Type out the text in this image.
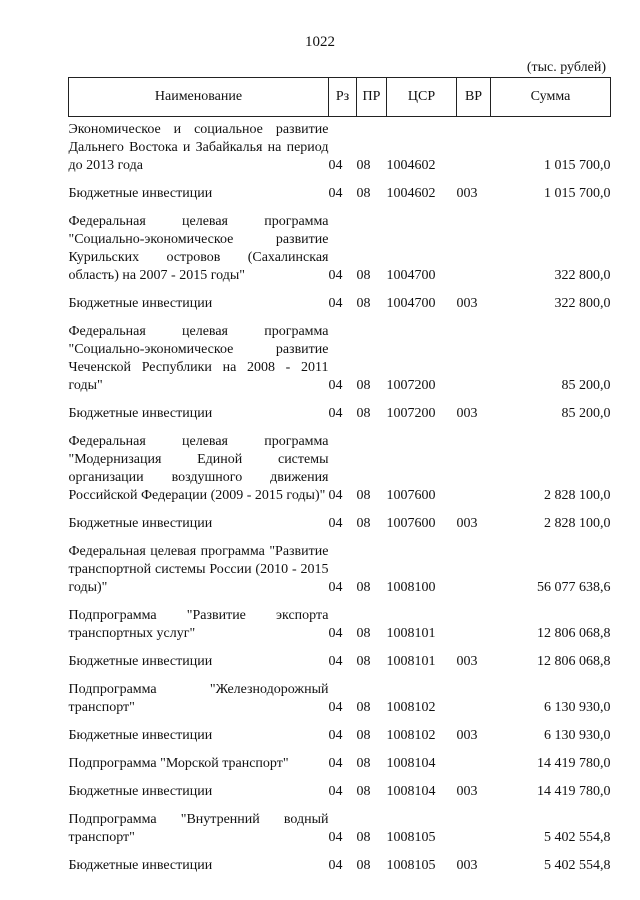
1022
(тыс. рублей)
Наименование	Рз	ПР	ЦСР	ВР	Сумма
Экономическое и социальное развитие Дальнего Востока и Забайкалья на период до 2013 года	04	08	1004602		1 015 700,0
Бюджетные инвестиции	04	08	1004602	003	1 015 700,0
Федеральная целевая программа "Социально-экономическое развитие Курильских островов (Сахалинская область) на 2007 - 2015 годы"	04	08	1004700		322 800,0
Бюджетные инвестиции	04	08	1004700	003	322 800,0
Федеральная целевая программа "Социально-экономическое развитие Чеченской Республики на 2008 - 2011 годы"	04	08	1007200		85 200,0
Бюджетные инвестиции	04	08	1007200	003	85 200,0
Федеральная целевая программа "Модернизация Единой системы организации воздушного движения Российской Федерации (2009 - 2015 годы)"	04	08	1007600		2 828 100,0
Бюджетные инвестиции	04	08	1007600	003	2 828 100,0
Федеральная целевая программа "Развитие транспортной системы России (2010 - 2015 годы)"	04	08	1008100		56 077 638,6
Подпрограмма "Развитие экспорта транспортных услуг"	04	08	1008101		12 806 068,8
Бюджетные инвестиции	04	08	1008101	003	12 806 068,8
Подпрограмма "Железнодорожный транспорт"	04	08	1008102		6 130 930,0
Бюджетные инвестиции	04	08	1008102	003	6 130 930,0
Подпрограмма "Морской транспорт"	04	08	1008104		14 419 780,0
Бюджетные инвестиции	04	08	1008104	003	14 419 780,0
Подпрограмма "Внутренний водный транспорт"	04	08	1008105		5 402 554,8
Бюджетные инвестиции	04	08	1008105	003	5 402 554,8
